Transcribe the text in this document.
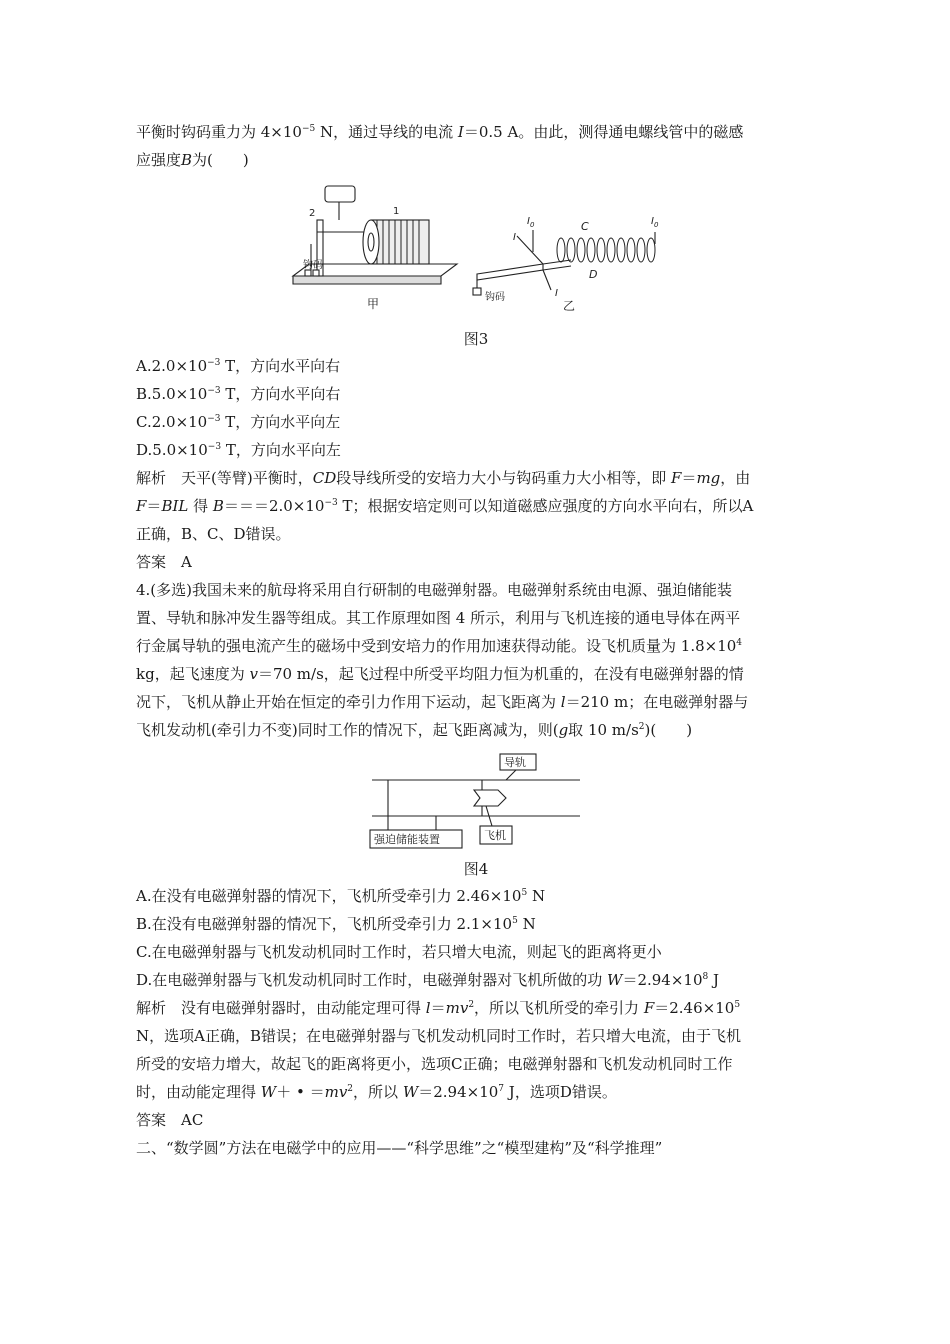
平衡时钩码重力为 $4\times 10^{-5}$ N，通过导线的电流 I＝0.5 A。由此，测得通电螺线管中的磁感
应强度B为(　　)
钩码
2	1
甲
I
$I_0$	C
D
$I_0$
I
钩码
乙
图3
$A.2.0\times 10^{-3}$ T，方向水平向右
$B.5.0\times 10^{-3}$ T，方向水平向右
$C.2.0\times 10^{-3}$ T，方向水平向左
$D.5.0\times 10^{-3}$ T，方向水平向左
解析　天平(等臂)平衡时，CD段导线所受的安培力大小与钩码重力大小相等，即 F＝mg，由
F＝BIL 得 $B===2.0\times 10^{-3}$ T；根据安培定则可以知道磁感应强度的方向水平向右，所以A
正确，B、C、D错误。
答案　A
4.(多选)我国未来的航母将采用自行研制的电磁弹射器。电磁弹射系统由电源、强迫储能装
置、导轨和脉冲发生器等组成。其工作原理如图 4 所示，利用与飞机连接的通电导体在两平
行金属导轨的强电流产生的磁场中受到安培力的作用加速获得动能。设飞机质量为 $1.8\times 10^4$
kg，起飞速度为 v＝70 m/s，起飞过程中所受平均阻力恒为机重的，在没有电磁弹射器的情
况下，飞机从静止开始在恒定的牵引力作用下运动，起飞距离为 l＝210 m；在电磁弹射器与
飞机发动机(牵引力不变)同时工作的情况下，起飞距离减为，则(g取 10 $m/s^2$)(　　)
导轨
强迫储能装置	飞机
图4
A.在没有电磁弹射器的情况下，飞机所受牵引力 $2.46\times 10^5$ N
B.在没有电磁弹射器的情况下，飞机所受牵引力 $2.1\times 10^5$ N
C.在电磁弹射器与飞机发动机同时工作时，若只增大电流，则起飞的距离将更小
D.在电磁弹射器与飞机发动机同时工作时，电磁弹射器对飞机所做的功 $W=2.94\times 10^8$ J
解析　没有电磁弹射器时，由动能定理可得 $l=mv^2$，所以飞机所受的牵引力 $F=2.46\times 10^5$
N，选项A正确，B错误；在电磁弹射器与飞机发动机同时工作时，若只增大电流，由于飞机
所受的安培力增大，故起飞的距离将更小，选项C正确；电磁弹射器和飞机发动机同时工作
时，由动能定理得 W＋ • $=mv^2$，所以 $W=2.94\times 10^7$ J，选项D错误。
答案　AC
二、“数学圆”方法在电磁学中的应用——“科学思维”之“模型建构”及“科学推理”
